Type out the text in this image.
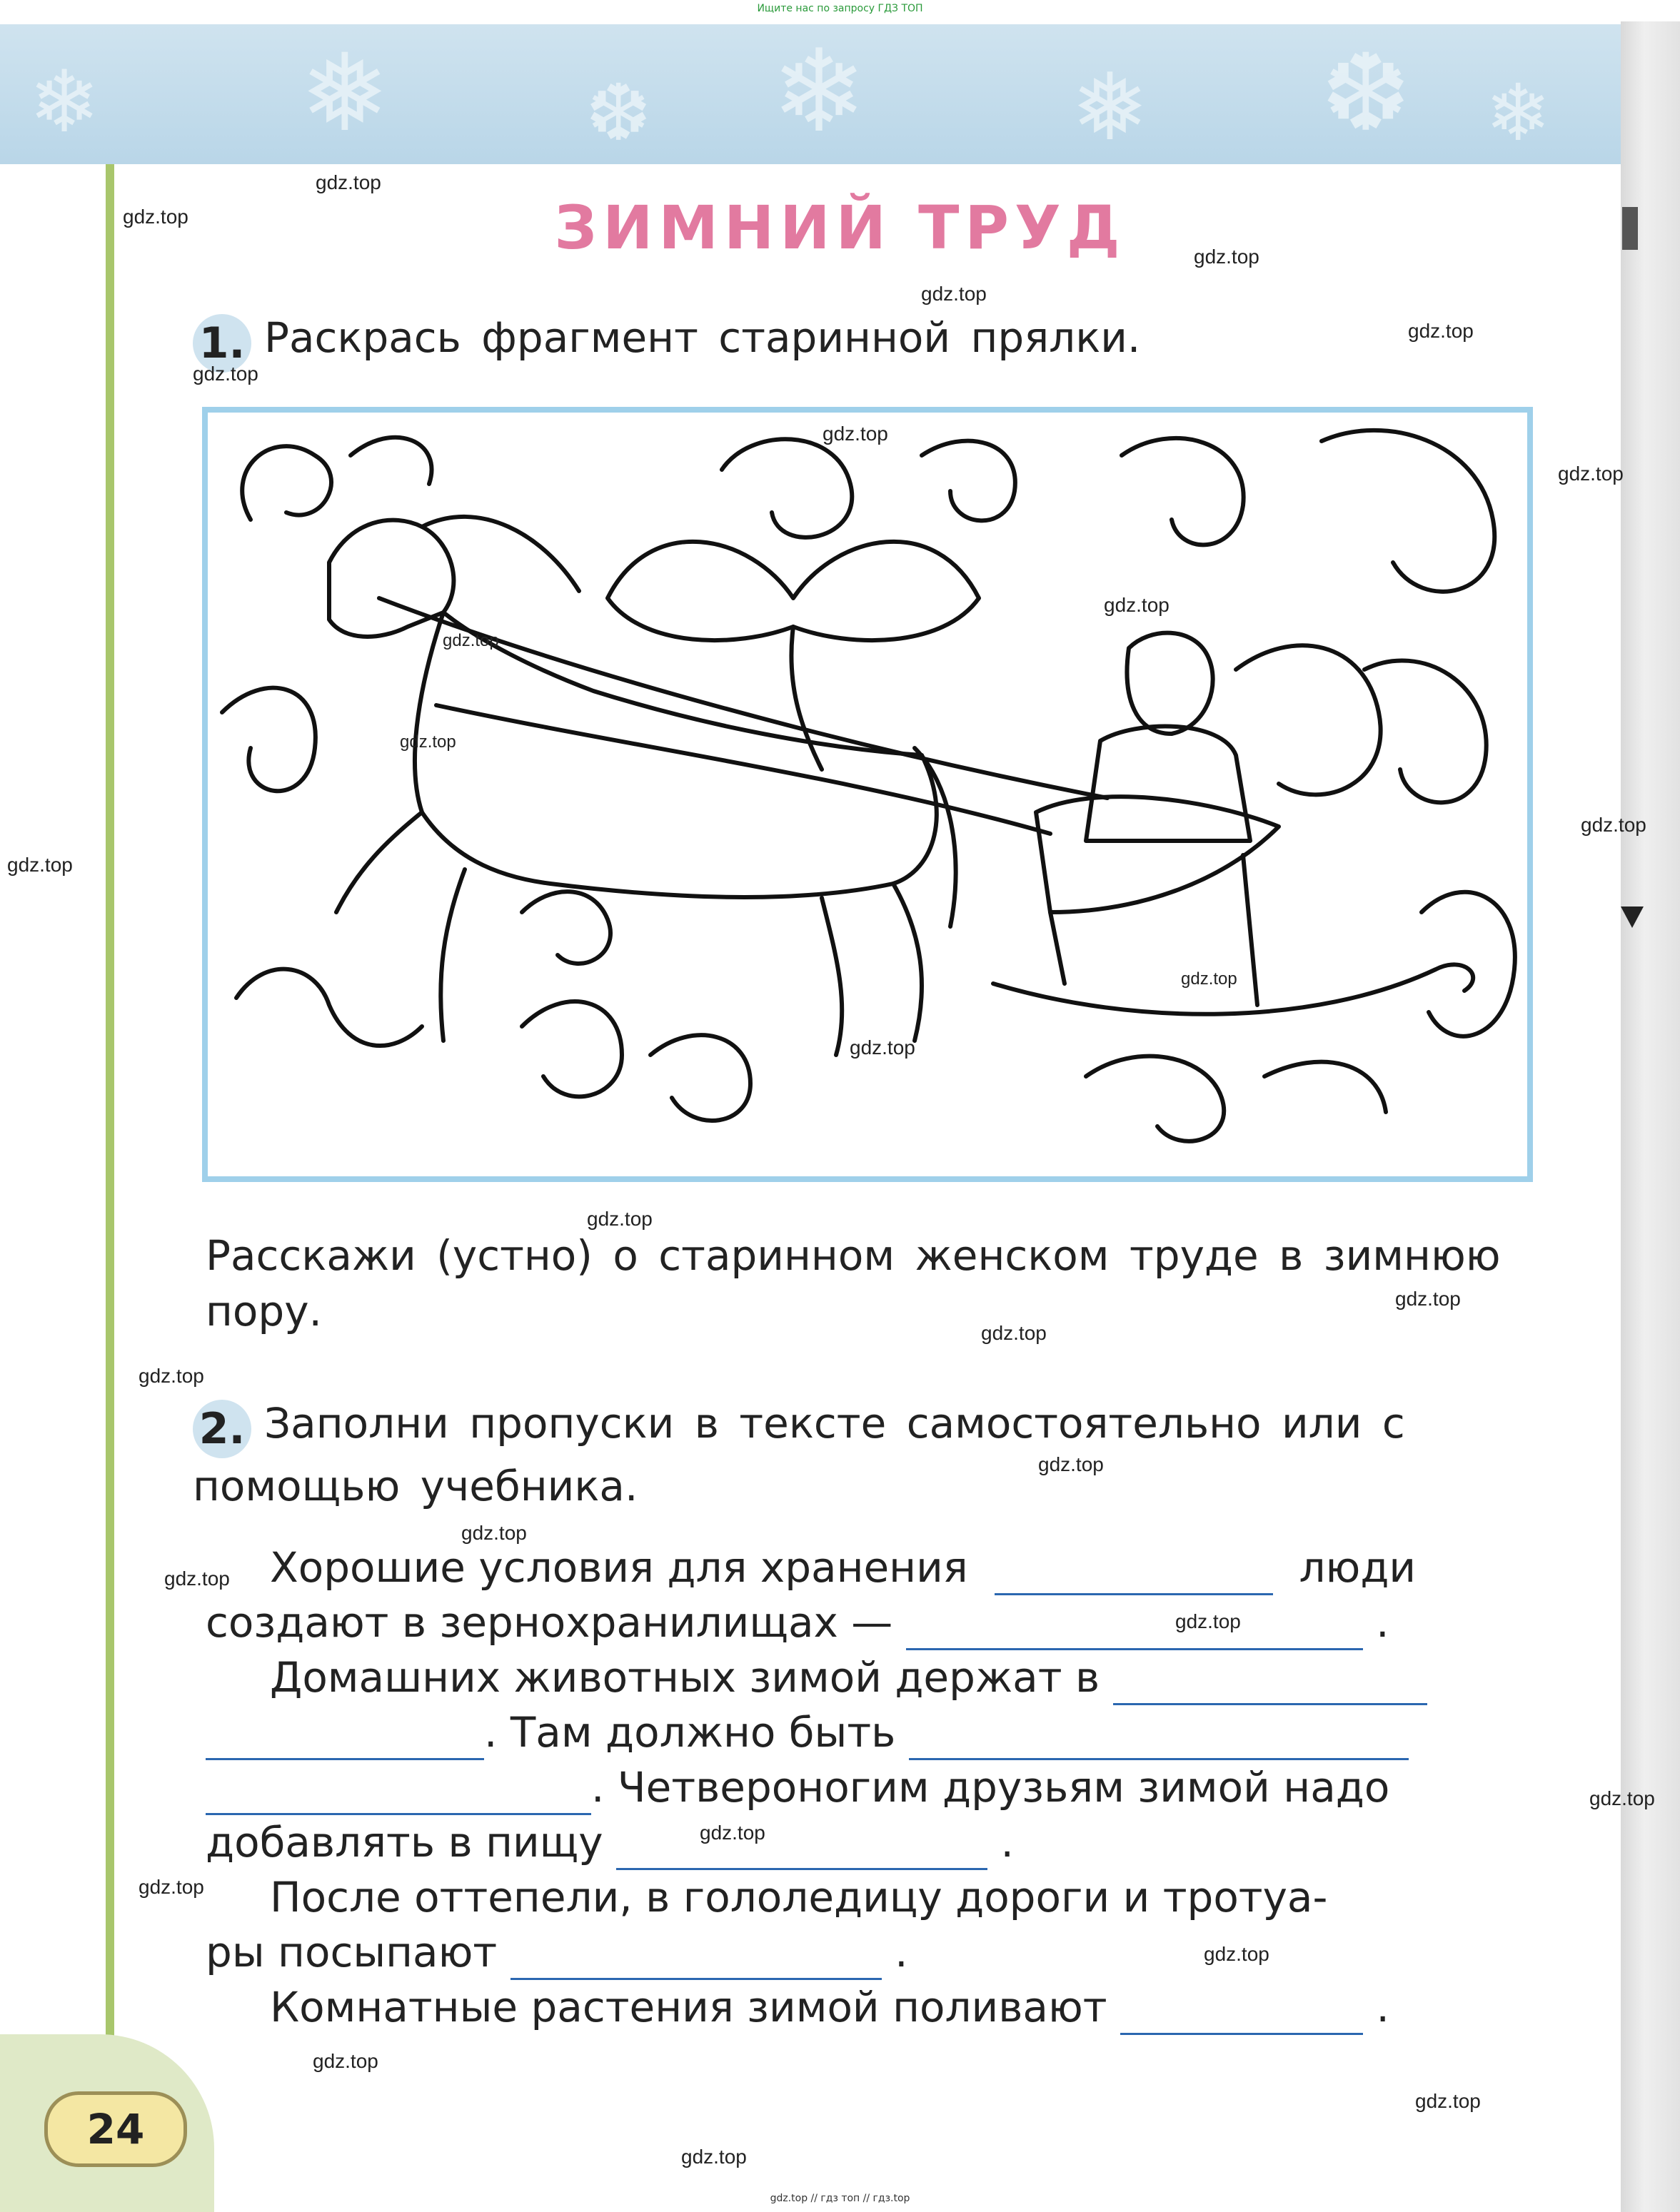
Ищите нас по запросу ГДЗ ТОП
❄ ❅ ❆ ❄ ❅ ❆ ❄
24
ЗИМНИЙ ТРУД
1. Раскрась фрагмент старинной прялки.
Расскажи (устно) о старинном женском труде в зимнюю пору.
2. Заполни пропуски в тексте самостоятельно или с помощью учебника.
Хорошие условия для хранения	люди
создают в зернохранилищах —	.
Домашних животных зимой держат в
. Там должно быть
. Четвероногим друзьям зимой надо
добавлять в пищу	.
После оттепели, в гололедицу дороги и тротуа-
ры посыпают	.
Комнатные растения зимой поливают	.
gdz.top
gdz.top
gdz.top
gdz.top
gdz.top
gdz.top
gdz.top
gdz.top
gdz.top
gdz.top
gdz.top
gdz.top
gdz.top
gdz.top
gdz.top
gdz.top
gdz.top
gdz.top
gdz.top
gdz.top
gdz.top
gdz.top
gdz.top
gdz.top
gdz.top
gdz.top
gdz.top
gdz.top
gdz.top
gdz.top
gdz.top // гдз топ // гдз.top
